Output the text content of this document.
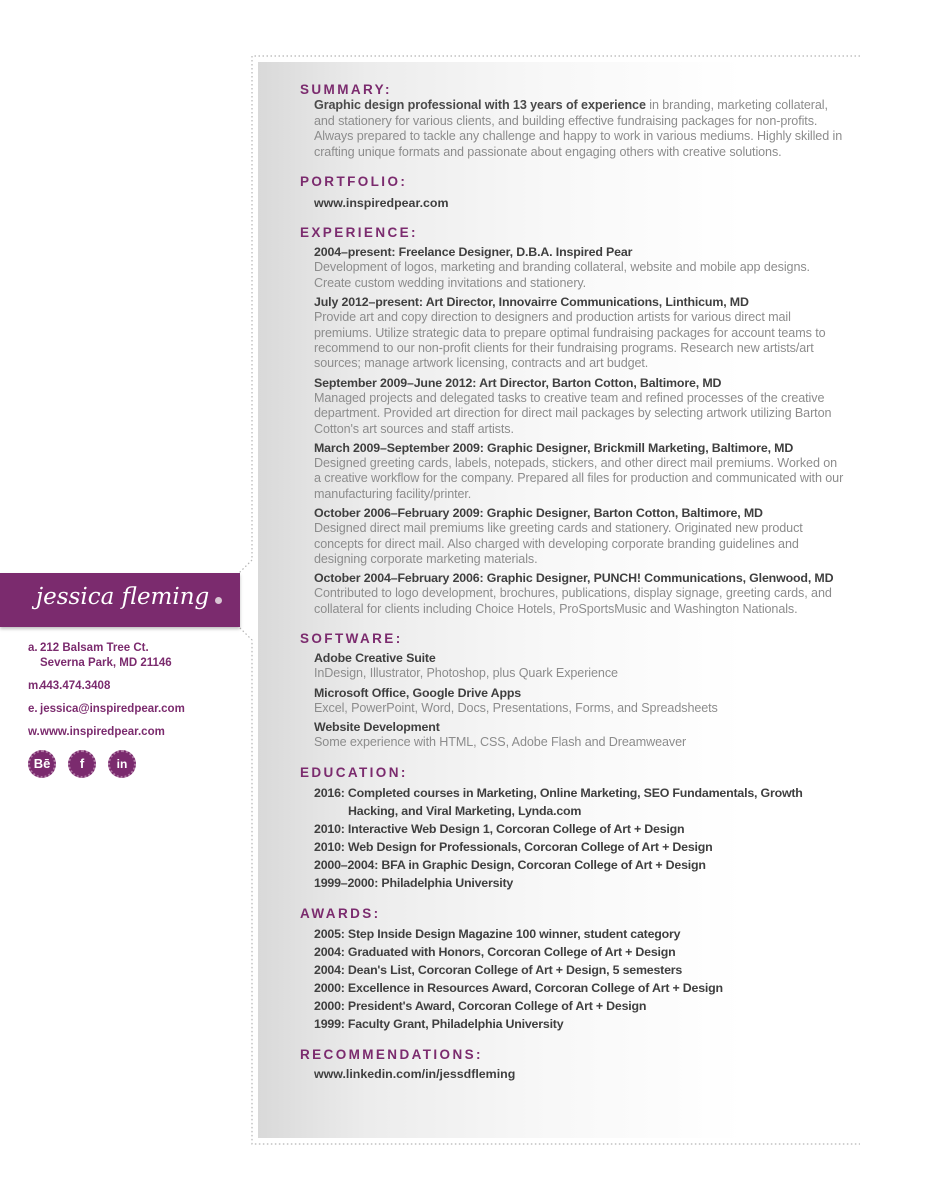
SUMMARY:
Graphic design professional with 13 years of experience in branding, marketing collateral, and stationery for various clients, and building effective fundraising packages for non-profits. Always prepared to tackle any challenge and happy to work in various mediums. Highly skilled in crafting unique formats and passionate about engaging others with creative solutions.
PORTFOLIO:
www.inspiredpear.com
EXPERIENCE:
2004–present: Freelance Designer, D.B.A. Inspired Pear
Development of logos, marketing and branding collateral, website and mobile app designs. Create custom wedding invitations and stationery.
July 2012–present: Art Director, Innovairre Communications, Linthicum, MD
Provide art and copy direction to designers and production artists for various direct mail premiums. Utilize strategic data to prepare optimal fundraising packages for account teams to recommend to our non-profit clients for their fundraising programs. Research new artists/art sources; manage artwork licensing, contracts and art budget.
September 2009–June 2012: Art Director, Barton Cotton, Baltimore, MD
Managed projects and delegated tasks to creative team and refined processes of the creative department. Provided art direction for direct mail packages by selecting artwork utilizing Barton Cotton's art sources and staff artists.
March 2009–September 2009: Graphic Designer, Brickmill Marketing, Baltimore, MD
Designed greeting cards, labels, notepads, stickers, and other direct mail premiums. Worked on a creative workflow for the company. Prepared all files for production and communicated with our manufacturing facility/printer.
October 2006–February 2009: Graphic Designer, Barton Cotton, Baltimore, MD
Designed direct mail premiums like greeting cards and stationery. Originated new product concepts for direct mail. Also charged with developing corporate branding guidelines and designing corporate marketing materials.
October 2004–February 2006: Graphic Designer, PUNCH! Communications, Glenwood, MD
Contributed to logo development, brochures, publications, display signage, greeting cards, and collateral for clients including Choice Hotels, ProSportsMusic and Washington Nationals.
SOFTWARE:
Adobe Creative Suite
InDesign, Illustrator, Photoshop, plus Quark Experience
Microsoft Office, Google Drive Apps
Excel, PowerPoint, Word, Docs, Presentations, Forms, and Spreadsheets
Website Development
Some experience with HTML, CSS, Adobe Flash and Dreamweaver
EDUCATION:
2016: Completed courses in Marketing, Online Marketing, SEO Fundamentals, Growth Hacking, and Viral Marketing, Lynda.com
2010: Interactive Web Design 1, Corcoran College of Art + Design
2010: Web Design for Professionals, Corcoran College of Art + Design
2000–2004: BFA in Graphic Design, Corcoran College of Art + Design
1999–2000: Philadelphia University
AWARDS:
2005: Step Inside Design Magazine 100 winner, student category
2004: Graduated with Honors, Corcoran College of Art + Design
2004: Dean's List, Corcoran College of Art + Design, 5 semesters
2000: Excellence in Resources Award, Corcoran College of Art + Design
2000: President's Award, Corcoran College of Art + Design
1999: Faculty Grant, Philadelphia University
RECOMMENDATIONS:
www.linkedin.com/in/jessdfleming
jessica fleming
a. 212 Balsam Tree Ct.
Severna Park, MD 21146
m.443.474.3408
e. jessica@inspiredpear.com
w.www.inspiredpear.com
Bē	f	in
